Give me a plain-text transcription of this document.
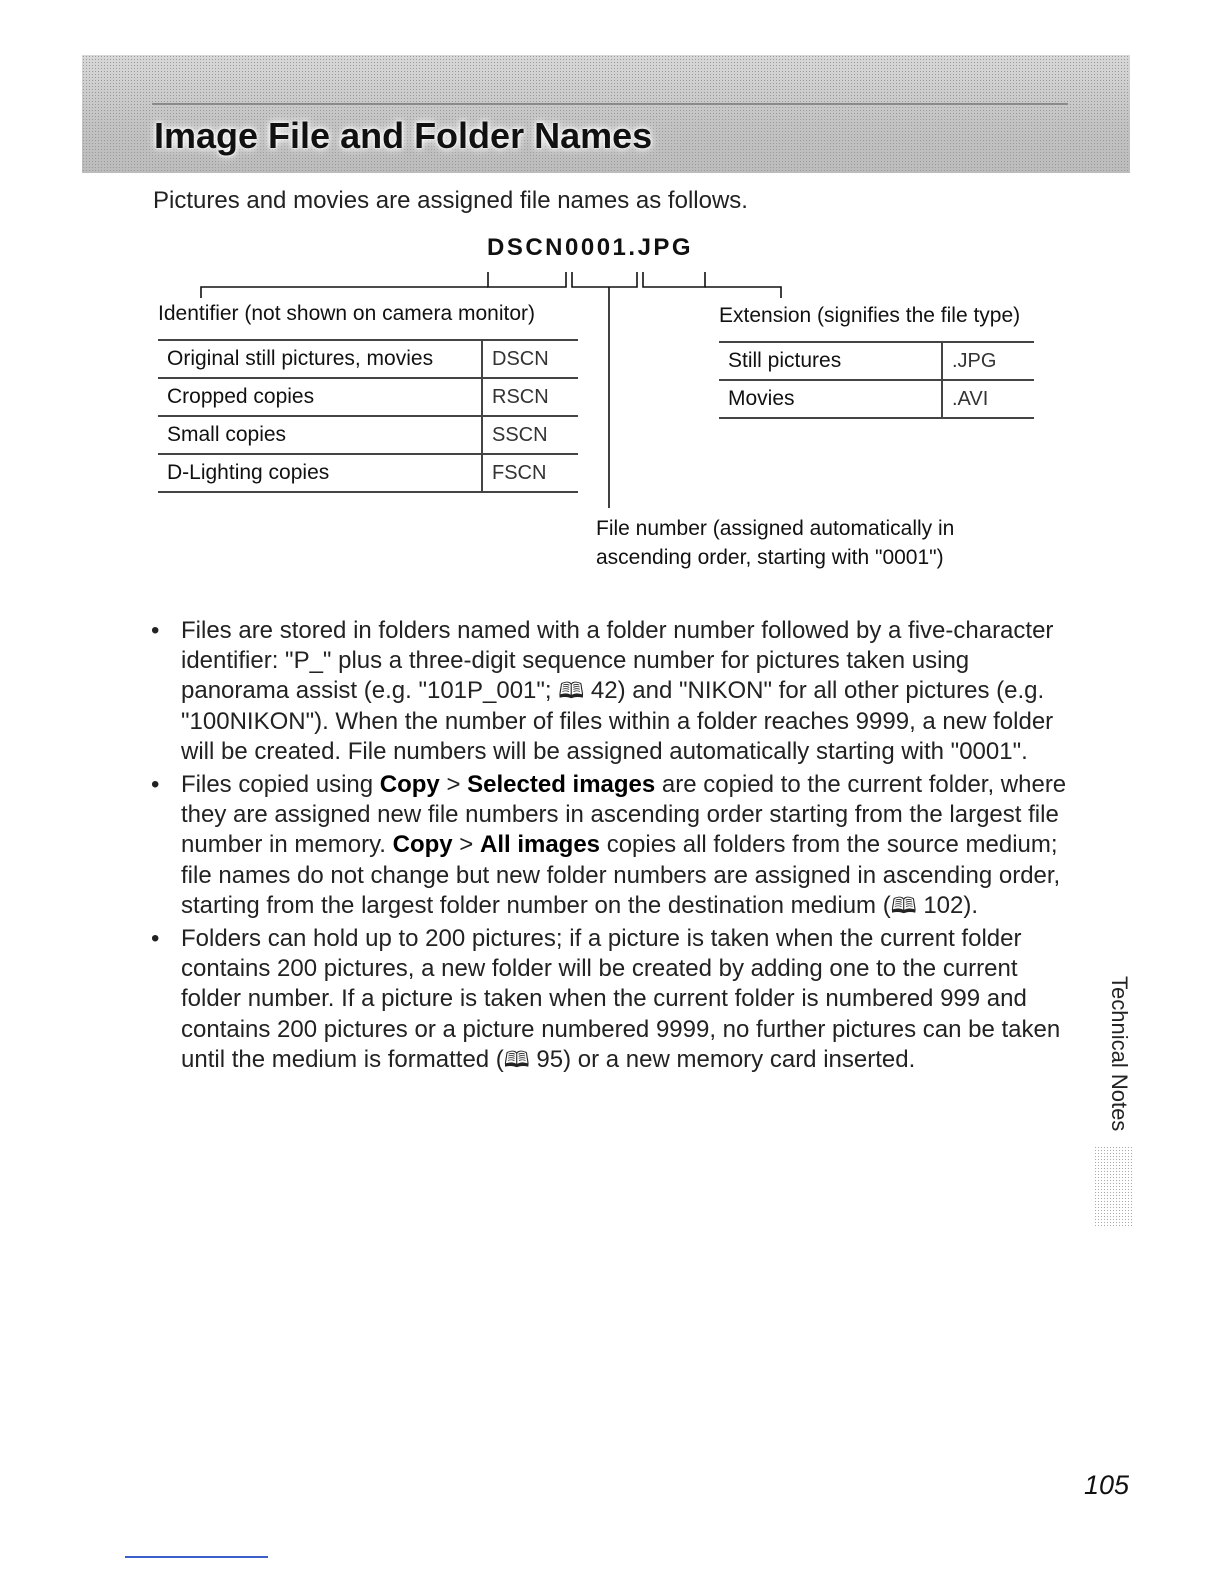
Image File and Folder Names
Pictures and movies are assigned file names as follows.
DSCN0001.JPG
Identifier (not shown on camera monitor)
Original still pictures, movies	DSCN
Cropped copies	RSCN
Small copies	SSCN
D-Lighting copies	FSCN
Extension (signifies the file type)
Still pictures	.JPG
Movies	.AVI
File number (assigned automatically in
ascending order, starting with "0001")
• Files are stored in folders named with a folder number followed by a five-character identifier: "P_" plus a three-digit sequence number for pictures taken using panorama assist (e.g. "101P_001"; 🕮︎ 42) and "NIKON" for all other pictures (e.g. "100NIKON"). When the number of files within a folder reaches 9999, a new folder will be created. File numbers will be assigned automatically starting with "0001".
• Files copied using Copy > Selected images are copied to the current folder, where they are assigned new file numbers in ascending order starting from the largest file number in memory. Copy > All images copies all folders from the source medium; file names do not change but new folder numbers are assigned in ascending order, starting from the largest folder number on the destination medium (🕮︎ 102).
• Folders can hold up to 200 pictures; if a picture is taken when the current folder contains 200 pictures, a new folder will be created by adding one to the current folder number. If a picture is taken when the current folder is numbered 999 and contains 200 pictures or a picture numbered 9999, no further pictures can be taken until the medium is formatted (🕮︎ 95) or a new memory card inserted.	Technical Notes
105
